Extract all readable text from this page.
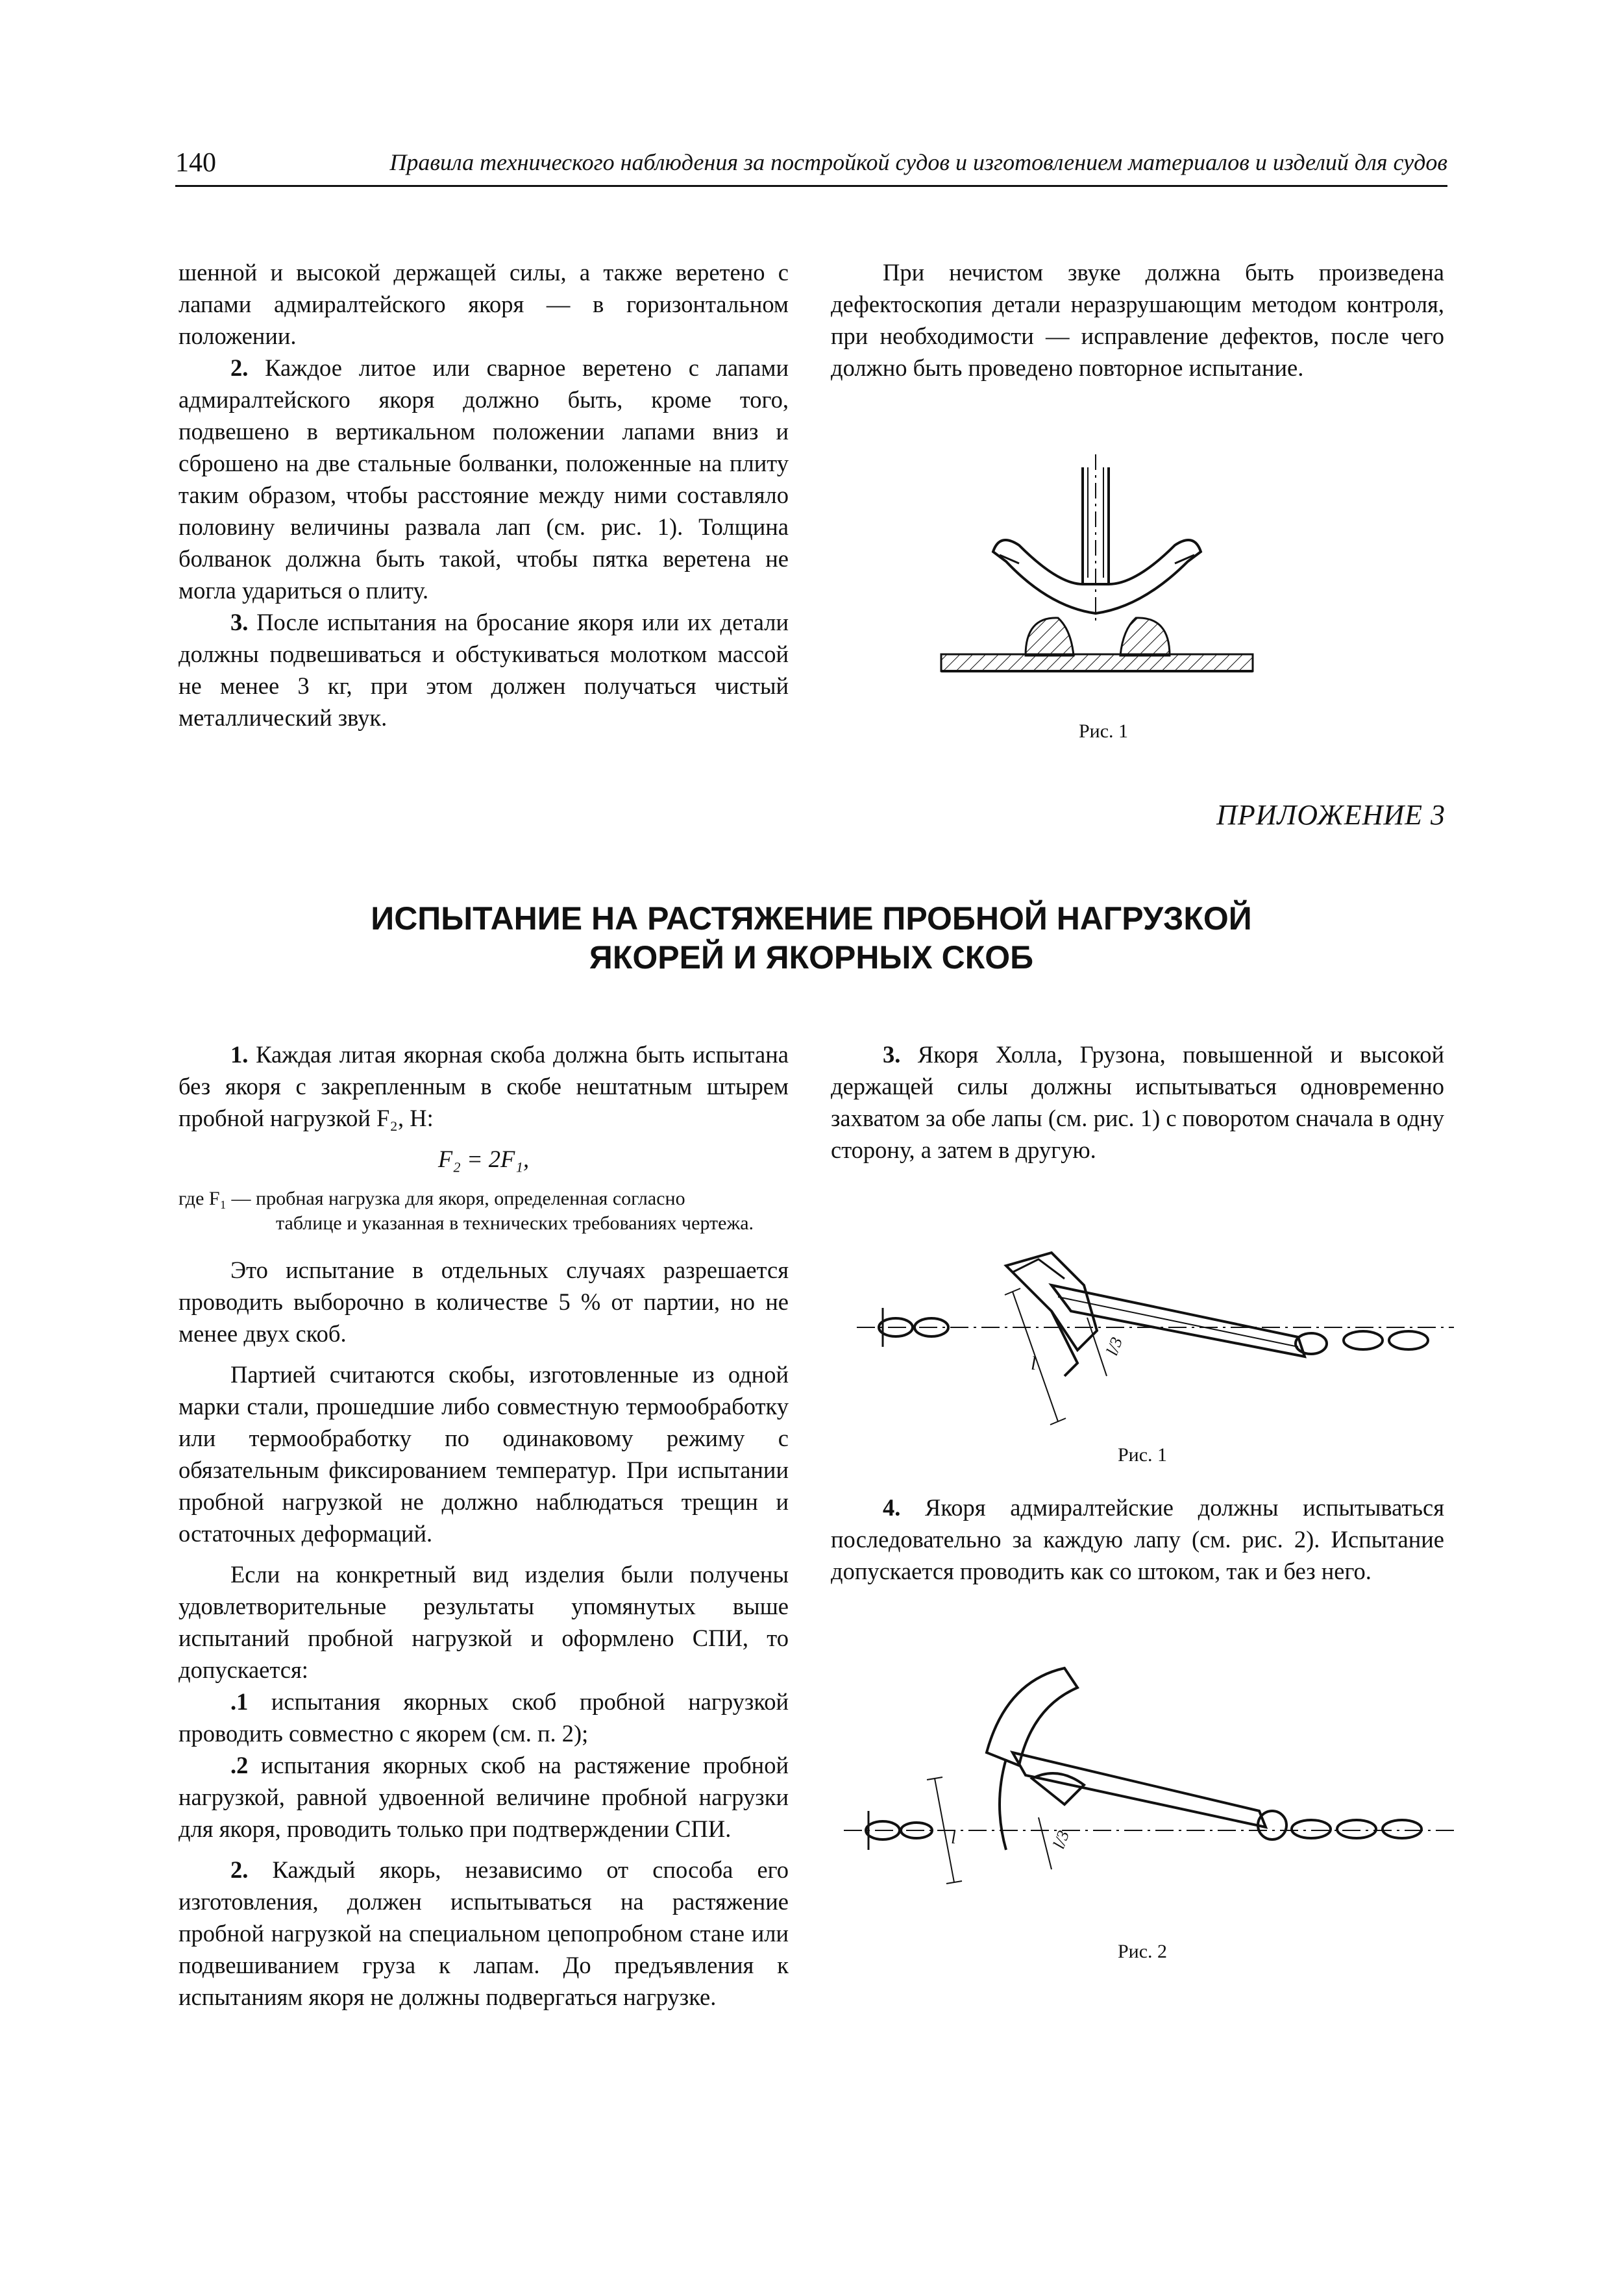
140	Правила технического наблюдения за постройкой судов и изготовлением материалов и изделий для судов

шенной и высокой держащей силы, а также веретено с лапами адмиралтейского якоря — в горизонтальном положении.

2. Каждое литое или сварное веретено с лапами адмиралтейского якоря должно быть, кроме того, подвешено в вертикальном положении лапами вниз и сброшено на две стальные болванки, положенные на плиту таким образом, чтобы расстояние между ними составляло половину величины развала лап (см. рис. 1). Толщина болванок должна быть такой, чтобы пятка веретена не могла удариться о плиту.

3. После испытания на бросание якоря или их детали должны подвешиваться и обстукиваться молотком массой не менее 3 кг, при этом должен получаться чистый металлический звук.

При нечистом звуке должна быть произведена дефектоскопия детали неразрушающим методом контроля, при необходимости — исправление дефектов, после чего должно быть проведено повторное испытание.

Рис. 1
ПРИЛОЖЕНИЕ 3
ИСПЫТАНИЕ НА РАСТЯЖЕНИЕ ПРОБНОЙ НАГРУЗКОЙ
ЯКОРЕЙ И ЯКОРНЫХ СКОБ

1. Каждая литая якорная скоба должна быть испытана без якоря с закрепленным в скобе нештатным штырем пробной нагрузкой F₂, Н:

F₂ = 2F₁,

где F₁ — пробная нагрузка для якоря, определенная согласно

таблице и указанная в технических требованиях чертежа.

Это испытание в отдельных случаях разрешается проводить выборочно в количестве 5 % от партии, но не менее двух скоб.

Партией считаются скобы, изготовленные из одной марки стали, прошедшие либо совместную термообработку или термообработку по одинаковому режиму с обязательным фиксированием температур. При испытании пробной нагрузкой не должно наблюдаться трещин и остаточных деформаций.

Если на конкретный вид изделия были получены удовлетворительные результаты упомянутых выше испытаний пробной нагрузкой и оформлено СПИ, то допускается:

.1 испытания якорных скоб пробной нагрузкой проводить совместно с якорем (см. п. 2);

.2 испытания якорных скоб на растяжение пробной нагрузкой, равной удвоенной величине пробной нагрузки для якоря, проводить только при подтверждении СПИ.

2. Каждый якорь, независимо от способа его изготовления, должен испытываться на растяжение пробной нагрузкой на специальном цепопробном стане или подвешиванием груза к лапам. До предъявления к испытаниям якоря не должны подвергаться нагрузке.

3. Якоря Холла, Грузона, повышенной и высокой держащей силы должны испытываться одновременно захватом за обе лапы (см. рис. 1) с поворотом сначала в одну сторону, а затем в другую.

l
l/3
Рис. 1

4. Якоря адмиралтейские должны испытываться последовательно за каждую лапу (см. рис. 2). Испытание допускается проводить как со штоком, так и без него.

l	l/3
Рис. 2
